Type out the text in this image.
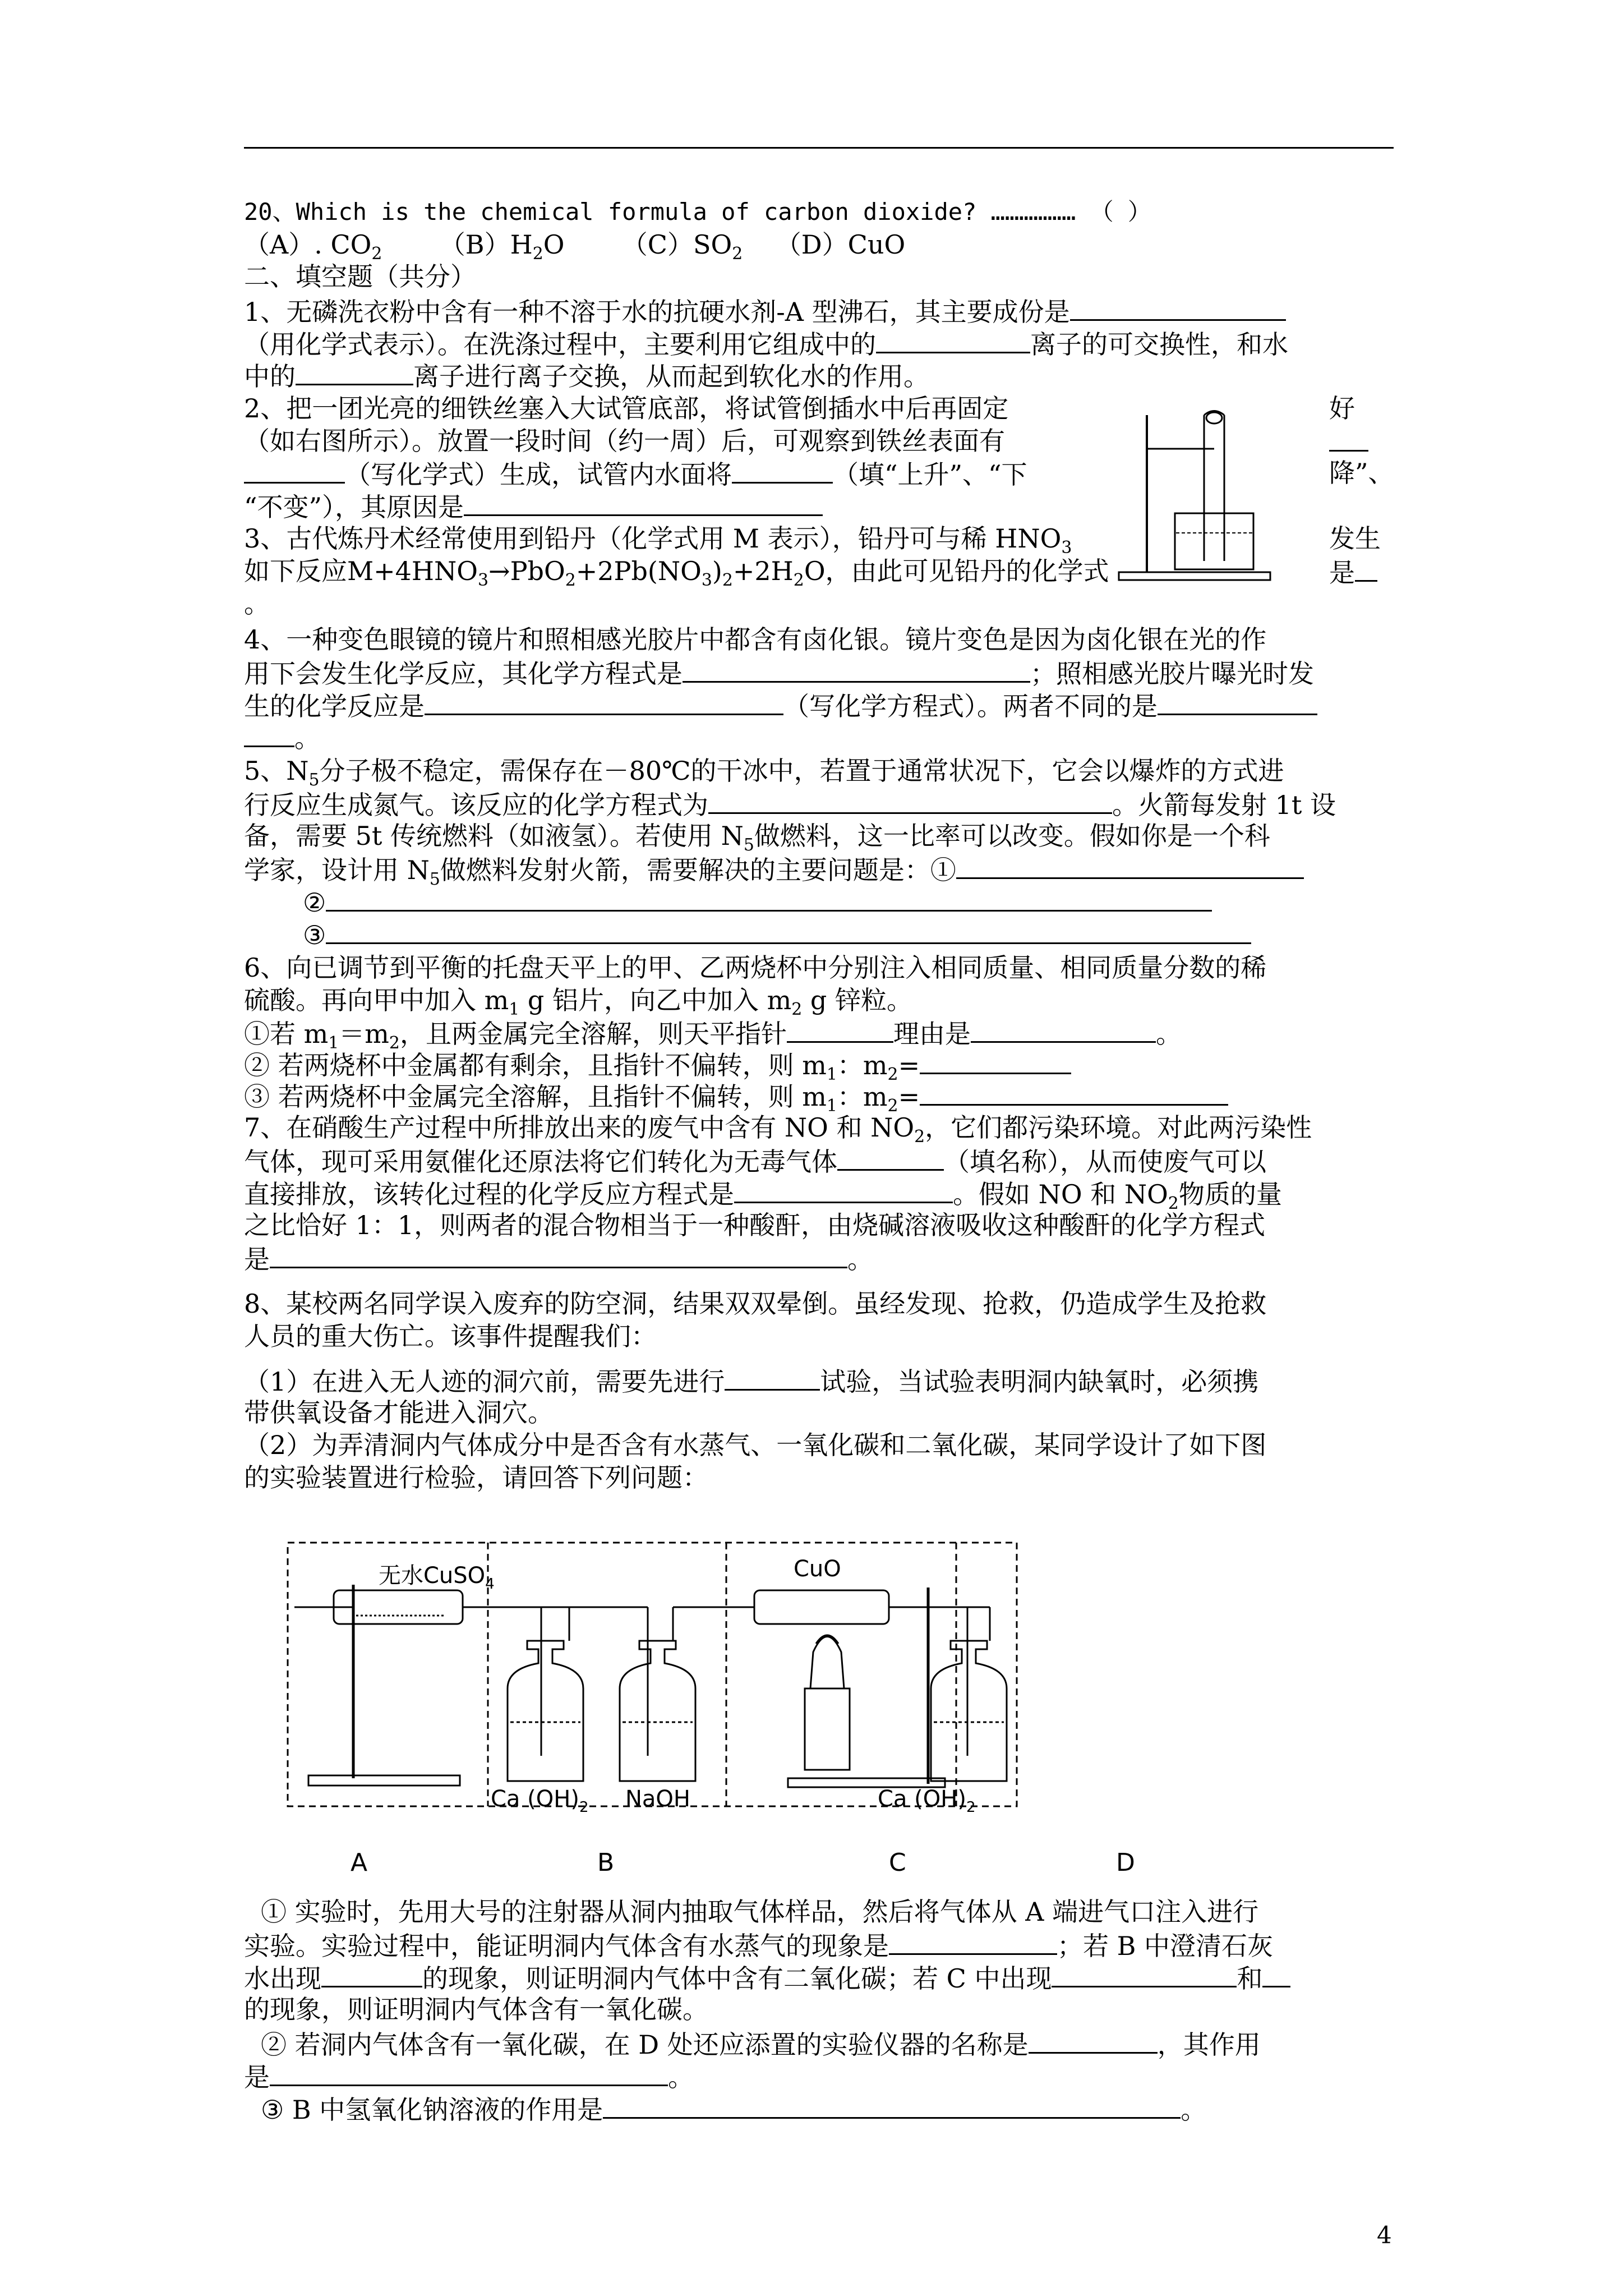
20、Which is the chemical formula of carbon dioxide? ……………… （ ）
（A）. $CO_2$ $(B)H_2O$       $(C)SO_2$ （D）CuO
二、填空题（共分）
1、无磷洗衣粉中含有一种不溶于水的抗硬水剂-A 型沸石，其主要成份是
（用化学式表示）。在洗涤过程中，主要利用它组成中的	离子的可交换性，和水
中的	离子进行离子交换，从而起到软化水的作用。
2、把一团光亮的细铁丝塞入大试管底部，将试管倒插水中后再固定	好
（如右图所示）。放置一段时间（约一周）后，可观察到铁丝表面有
（写化学式）生成，试管内水面将	（填“上升”、“下	降”、
“不变”），其原因是
3、古代炼丹术经常使用到铅丹（化学式用 M 表示），铅丹可与稀 $HNO_3$	发生
如下反应$M+4HNO_3\to PbO_2+2Pb(NO_3)_2+2H_2O$，由此可见铅丹的化学式	是
。
4、一种变色眼镜的镜片和照相感光胶片中都含有卤化银。镜片变色是因为卤化银在光的作
用下会发生化学反应，其化学方程式是	；照相感光胶片曝光时发
生的化学反应是	（写化学方程式）。两者不同的是
。
5、$N_5$分子极不稳定，需保存在－80℃的干冰中，若置于通常状况下，它会以爆炸的方式进
行反应生成氮气。该反应的化学方程式为	。火箭每发射 1t 设
备，需要 5t 传统燃料（如液氢）。若使用 $N_5$做燃料，这一比率可以改变。假如你是一个科
学家，设计用 $N_5$做燃料发射火箭，需要解决的主要问题是：①
②
③
6、向已调节到平衡的托盘天平上的甲、乙两烧杯中分别注入相同质量、相同质量分数的稀
硫酸。再向甲中加入 $m_1$ g 铝片，向乙中加入 $m_2$ g 锌粒。
①若 $m_1=m_2$，且两金属完全溶解，则天平指针	理由是	。
② 若两烧杯中金属都有剩余，且指针不偏转，则 $m_1$：$m_2=$
③ 若两烧杯中金属完全溶解，且指针不偏转，则 $m_1$：$m_2=$
7、在硝酸生产过程中所排放出来的废气中含有 NO 和 $NO_2$，它们都污染环境。对此两污染性
气体，现可采用氨催化还原法将它们转化为无毒气体	（填名称），从而使废气可以
直接排放，该转化过程的化学反应方程式是	。假如 NO 和 $NO_2$物质的量
之比恰好 1：1，则两者的混合物相当于一种酸酐，由烧碱溶液吸收这种酸酐的化学方程式
是	。
8、某校两名同学误入废弃的防空洞，结果双双晕倒。虽经发现、抢救，仍造成学生及抢救
人员的重大伤亡。该事件提醒我们：
（1）在进入无人迹的洞穴前，需要先进行	试验，当试验表明洞内缺氧时，必须携
带供氧设备才能进入洞穴。
（2）为弄清洞内气体成分中是否含有水蒸气、一氧化碳和二氧化碳，某同学设计了如下图
的实验装置进行检验，请回答下列问题：
无水CuSO$_4$
Ca $(OH)_2$ NaOH
CuO
Ca $(OH)_2$
A	B	C	D
① 实验时，先用大号的注射器从洞内抽取气体样品，然后将气体从 A 端进气口注入进行
实验。实验过程中，能证明洞内气体含有水蒸气的现象是	；若 B 中澄清石灰
水出现	的现象，则证明洞内气体中含有二氧化碳；若 C 中出现	和
的现象，则证明洞内气体含有一氧化碳。
② 若洞内气体含有一氧化碳，在 D 处还应添置的实验仪器的名称是	，其作用
是	。
③ B 中氢氧化钠溶液的作用是	。
4
